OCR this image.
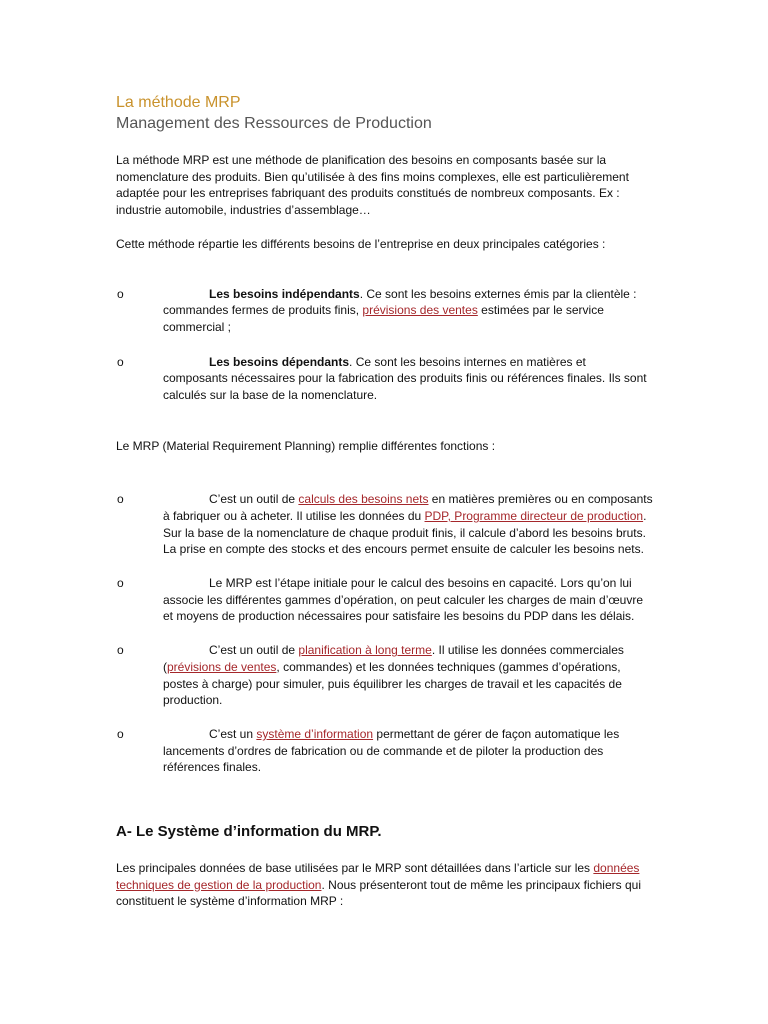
La méthode MRP
Management des Ressources de Production

La méthode MRP est une méthode de planification des besoins en composants basée sur la nomenclature des produits. Bien qu’utilisée à des fins moins complexes, elle est particulièrement adaptée pour les entreprises fabriquant des produits constitués de nombreux composants. Ex : industrie automobile, industries d’assemblage…

Cette méthode répartie les différents besoins de l’entreprise en deux principales catégories :

o	Les besoins indépendants. Ce sont les besoins externes émis par la clientèle : commandes fermes de produits finis, prévisions des ventes estimées par le service commercial ;
o	Les besoins dépendants. Ce sont les besoins internes en matières et composants nécessaires pour la fabrication des produits finis ou références finales. Ils sont calculés sur la base de la nomenclature.

Le MRP (Material Requirement Planning) remplie différentes fonctions :

o	C’est un outil de calculs des besoins nets en matières premières ou en composants à fabriquer ou à acheter. Il utilise les données du PDP, Programme directeur de production. Sur la base de la nomenclature de chaque produit finis, il calcule d’abord les besoins bruts. La prise en compte des stocks et des encours permet ensuite de calculer les besoins nets.
o	Le MRP est l’étape initiale pour le calcul des besoins en capacité. Lors qu’on lui associe les différentes gammes d’opération, on peut calculer les charges de main d’œuvre et moyens de production nécessaires pour satisfaire les besoins du PDP dans les délais.
o	C’est un outil de planification à long terme. Il utilise les données commerciales (prévisions de ventes, commandes) et les données techniques (gammes d’opérations, postes à charge) pour simuler, puis équilibrer les charges de travail et les capacités de production.
o	C’est un système d’information permettant de gérer de façon automatique les lancements d’ordres de fabrication ou de commande et de piloter la production des références finales.
A- Le Système d’information du MRP.

Les principales données de base utilisées par le MRP sont détaillées dans l’article sur les données techniques de gestion de la production. Nous présenteront tout de même les principaux fichiers qui constituent le système d’information MRP :
